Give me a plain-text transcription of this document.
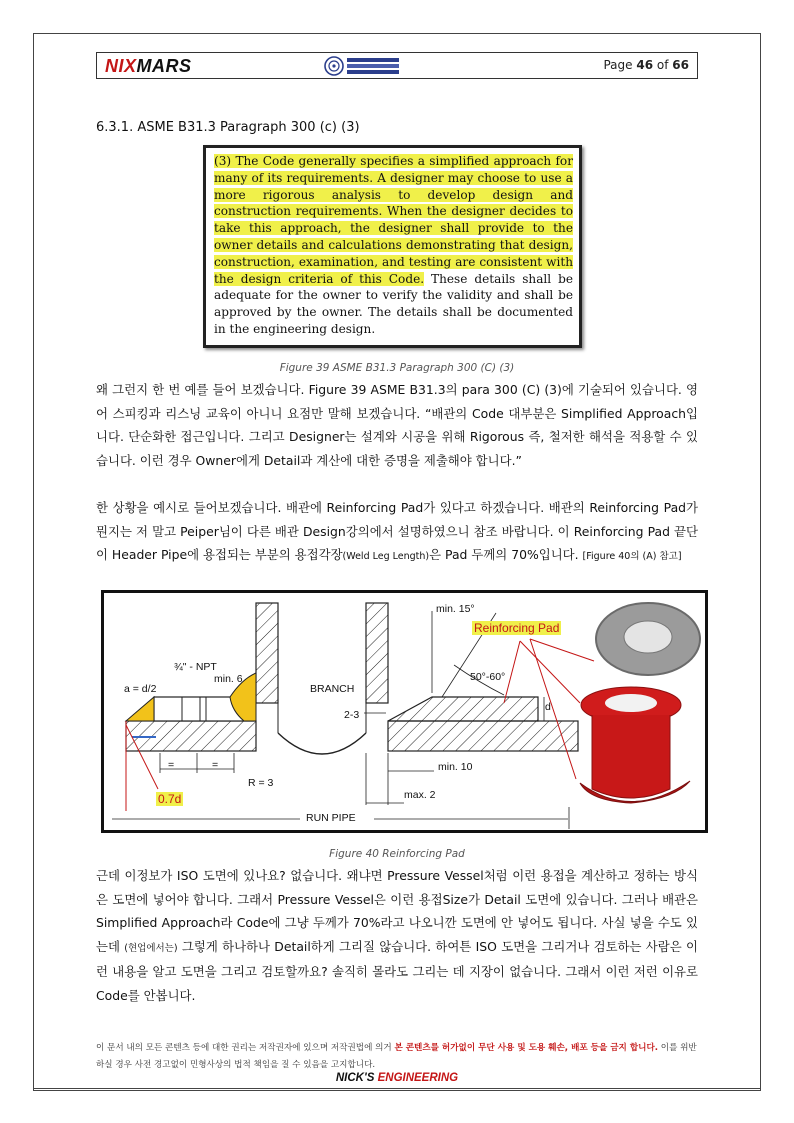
NIXMARS	Page 46 of 66
6.3.1. ASME B31.3 Paragraph 300 (c) (3)
(3) The Code generally specifies a simplified approach for many of its requirements. A designer may choose to use a more rigorous analysis to develop design and construction requirements. When the designer decides to take this approach, the designer shall provide to the owner details and calculations demonstrating that design, construction, examination, and testing are consistent with the design criteria of this Code. These details shall be adequate for the owner to verify the validity and shall be approved by the owner. The details shall be documented in the engineering design.
Figure 39 ASME B31.3 Paragraph 300 (C) (3)
왜 그런지 한 번 예를 들어 보겠습니다. Figure 39 ASME B31.3의 para 300 (C) (3)에 기술되어 있습니다. 영어 스피킹과 리스닝 교육이 아니니 요점만 말해 보겠습니다. “배관의 Code 대부분은 Simplified Approach입니다. 단순화한 접근입니다. 그리고 Designer는 설계와 시공을 위해 Rigorous 즉, 철저한 해석을 적용할 수 있습니다. 이런 경우 Owner에게 Detail과 계산에 대한 증명을 제출해야 합니다.”
한 상황을 예시로 들어보겠습니다. 배관에 Reinforcing Pad가 있다고 하겠습니다. 배관의 Reinforcing Pad가 뭔지는 저 말고 Peiper님이 다른 배관 Design강의에서 설명하였으니 참조 바랍니다. 이 Reinforcing Pad 끝단이 Header Pipe에 용접되는 부분의 용접각장(Weld Leg Length)은 Pad 두께의 70%입니다. [Figure 40의 (A) 참고]
min. 15°
Reinforcing Pad
¾" - NPT
min. 6
a = d/2	BRANCH
50°-60°
d
2-3
=	=	min. 10
R = 3
max. 2
0.7d
RUN PIPE
Figure 40 Reinforcing Pad
근데 이정보가 ISO 도면에 있나요? 없습니다. 왜냐면 Pressure Vessel처럼 이런 용접을 계산하고 정하는 방식은 도면에 넣어야 합니다. 그래서 Pressure Vessel은 이런 용접Size가 Detail 도면에 있습니다. 그러나 배관은 Simplified Approach라 Code에 그냥 두께가 70%라고 나오니깐 도면에 안 넣어도 됩니다. 사실 넣을 수도 있는데 (현업에서는) 그렇게 하나하나 Detail하게 그리질 않습니다. 하여튼 ISO 도면을 그리거나 검토하는 사람은 이런 내용을 알고 도면을 그리고 검토할까요? 솔직히 몰라도 그리는 데 지장이 없습니다. 그래서 이런 저런 이유로 Code를 안봅니다.
이 문서 내의 모든 콘텐츠 등에 대한 권리는 저작권자에 있으며 저작권법에 의거 본 콘텐츠를 허가없이 무단 사용 및 도용 훼손, 배포 등을 금지 합니다. 이를 위반 하실 경우 사전 경고없이 민형사상의 법적 책임을 질 수 있음을 고지합니다.
NICK'S ENGINEERING
